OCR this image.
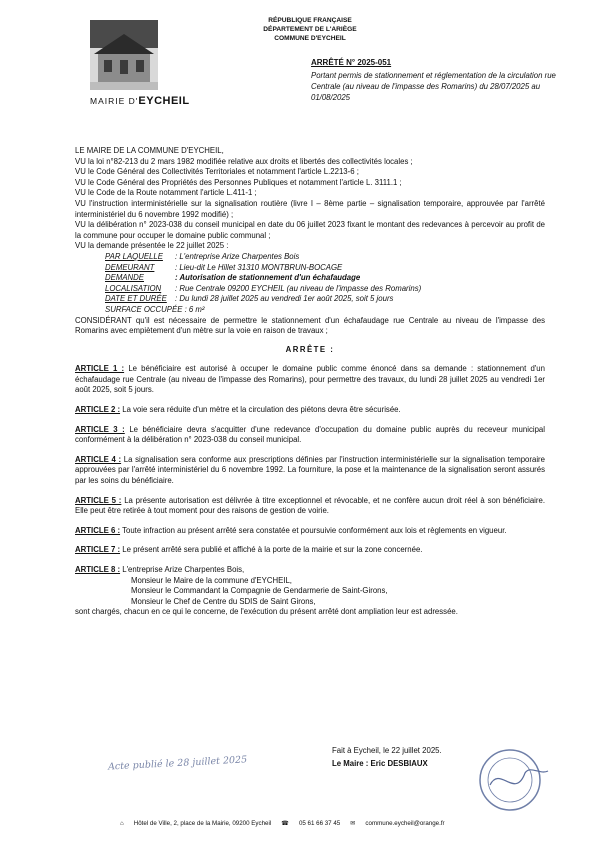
MAIRIE D'EYCHEIL
RÉPUBLIQUE FRANÇAISE
DÉPARTEMENT DE L'ARIÈGE
COMMUNE D'EYCHEIL
ARRÊTÉ N° 2025-051
Portant permis de stationnement et réglementation de la circulation rue Centrale (au niveau de l'impasse des Romarins) du 28/07/2025 au 01/08/2025

LE MAIRE DE LA COMMUNE D'EYCHEIL,

VU la loi n°82-213 du 2 mars 1982 modifiée relative aux droits et libertés des collectivités locales ;

VU le Code Général des Collectivités Territoriales et notamment l'article L.2213-6 ;

VU le Code Général des Propriétés des Personnes Publiques et notamment l'article L. 3111.1 ;

VU le Code de la Route notamment l'article L.411-1 ;

VU l'instruction interministérielle sur la signalisation routière (livre I – 8ème partie – signalisation temporaire, approuvée par l'arrêté interministériel du 6 novembre 1992 modifié) ;

VU la délibération n° 2023-038 du conseil municipal en date du 06 juillet 2023 fixant le montant des redevances à percevoir au profit de la commune pour occuper le domaine public communal ;

VU la demande présentée le 22 juillet 2025 :

PAR LAQUELLE	: L'entreprise Arize Charpentes Bois
DEMEURANT	: Lieu-dit Le Hillet 31310 MONTBRUN-BOCAGE
DEMANDE	: Autorisation de stationnement d'un échafaudage
LOCALISATION	: Rue Centrale 09200 EYCHEIL (au niveau de l'impasse des Romarins)
DATE ET DURÉE	: Du lundi 28 juillet 2025 au vendredi 1er août 2025, soit 5 jours
SURFACE OCCUPÉE : 6 m²

CONSIDÉRANT qu'il est nécessaire de permettre le stationnement d'un échafaudage rue Centrale au niveau de l'impasse des Romarins avec empiètement d'un mètre sur la voie en raison de travaux ;

ARRÊTE :

ARTICLE 1 : Le bénéficiaire est autorisé à occuper le domaine public comme énoncé dans sa demande : stationnement d'un échafaudage rue Centrale (au niveau de l'impasse des Romarins), pour permettre des travaux, du lundi 28 juillet 2025 au vendredi 1er août 2025, soit 5 jours.

ARTICLE 2 : La voie sera réduite d'un mètre et la circulation des piétons devra être sécurisée.

ARTICLE 3 : Le bénéficiaire devra s'acquitter d'une redevance d'occupation du domaine public auprès du receveur municipal conformément à la délibération n° 2023-038 du conseil municipal.

ARTICLE 4 : La signalisation sera conforme aux prescriptions définies par l'instruction interministérielle sur la signalisation temporaire approuvées par l'arrêté interministériel du 6 novembre 1992. La fourniture, la pose et la maintenance de la signalisation seront assurés par les soins du bénéficiaire.

ARTICLE 5 : La présente autorisation est délivrée à titre exceptionnel et révocable, et ne confère aucun droit réel à son bénéficiaire. Elle peut être retirée à tout moment pour des raisons de gestion de voirie.

ARTICLE 6 : Toute infraction au présent arrêté sera constatée et poursuivie conformément aux lois et règlements en vigueur.

ARTICLE 7 : Le présent arrêté sera publié et affiché à la porte de la mairie et sur la zone concernée.

ARTICLE 8 : L'entreprise Arize Charpentes Bois,

Monsieur le Maire de la commune d'EYCHEIL,

Monsieur le Commandant la Compagnie de Gendarmerie de Saint-Girons,

Monsieur le Chef de Centre du SDIS de Saint Girons,

sont chargés, chacun en ce qui le concerne, de l'exécution du présent arrêté dont ampliation leur est adressée.

Fait à Eycheil, le 22 juillet 2025.
Le Maire : Eric DESBIAUX
Acte publié le 28 juillet 2025
⌂ Hôtel de Ville, 2, place de la Mairie, 09200 Eycheil ☎ 05 61 66 37 45 ✉ commune.eycheil@orange.fr
